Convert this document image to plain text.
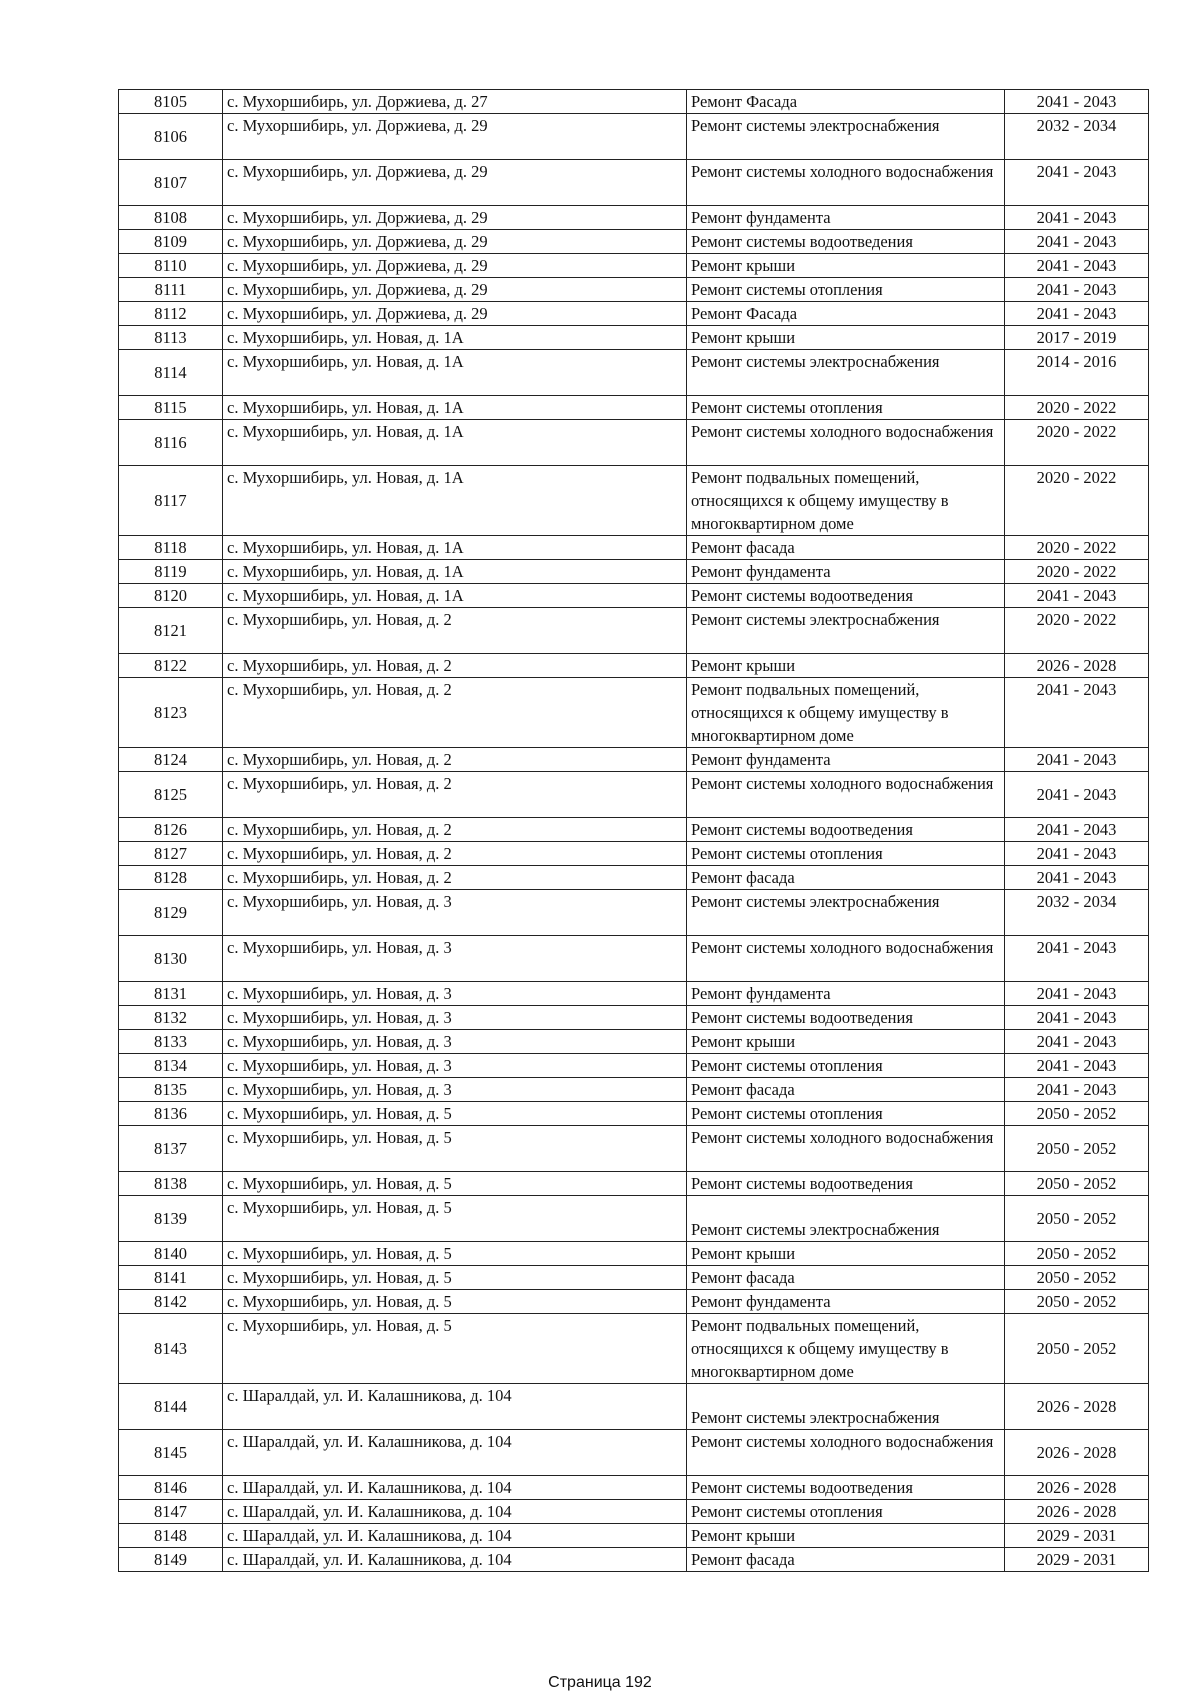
8105	с. Мухоршибирь, ул. Доржиева, д. 27	Ремонт Фасада	2041 - 2043
8106	с. Мухоршибирь, ул. Доржиева, д. 29	Ремонт системы электроснабжения	2032 - 2034
8107	с. Мухоршибирь, ул. Доржиева, д. 29	Ремонт системы холодного водоснабжения	2041 - 2043
8108	с. Мухоршибирь, ул. Доржиева, д. 29	Ремонт фундамента	2041 - 2043
8109	с. Мухоршибирь, ул. Доржиева, д. 29	Ремонт системы водоотведения	2041 - 2043
8110	с. Мухоршибирь, ул. Доржиева, д. 29	Ремонт крыши	2041 - 2043
8111	с. Мухоршибирь, ул. Доржиева, д. 29	Ремонт системы отопления	2041 - 2043
8112	с. Мухоршибирь, ул. Доржиева, д. 29	Ремонт Фасада	2041 - 2043
8113	с. Мухоршибирь, ул. Новая, д. 1А	Ремонт крыши	2017 - 2019
8114	с. Мухоршибирь, ул. Новая, д. 1А	Ремонт системы электроснабжения	2014 - 2016
8115	с. Мухоршибирь, ул. Новая, д. 1А	Ремонт системы отопления	2020 - 2022
8116	с. Мухоршибирь, ул. Новая, д. 1А	Ремонт системы холодного водоснабжения	2020 - 2022
8117	с. Мухоршибирь, ул. Новая, д. 1А	Ремонт подвальных помещений, относящихся к общему имуществу в многоквартирном доме	2020 - 2022
8118	с. Мухоршибирь, ул. Новая, д. 1А	Ремонт фасада	2020 - 2022
8119	с. Мухоршибирь, ул. Новая, д. 1А	Ремонт фундамента	2020 - 2022
8120	с. Мухоршибирь, ул. Новая, д. 1А	Ремонт системы водоотведения	2041 - 2043
8121	с. Мухоршибирь, ул. Новая, д. 2	Ремонт системы электроснабжения	2020 - 2022
8122	с. Мухоршибирь, ул. Новая, д. 2	Ремонт крыши	2026 - 2028
8123	с. Мухоршибирь, ул. Новая, д. 2	Ремонт подвальных помещений, относящихся к общему имуществу в многоквартирном доме	2041 - 2043
8124	с. Мухоршибирь, ул. Новая, д. 2	Ремонт фундамента	2041 - 2043
8125	с. Мухоршибирь, ул. Новая, д. 2	Ремонт системы холодного водоснабжения	2041 - 2043
8126	с. Мухоршибирь, ул. Новая, д. 2	Ремонт системы водоотведения	2041 - 2043
8127	с. Мухоршибирь, ул. Новая, д. 2	Ремонт системы отопления	2041 - 2043
8128	с. Мухоршибирь, ул. Новая, д. 2	Ремонт фасада	2041 - 2043
8129	с. Мухоршибирь, ул. Новая, д. 3	Ремонт системы электроснабжения	2032 - 2034
8130	с. Мухоршибирь, ул. Новая, д. 3	Ремонт системы холодного водоснабжения	2041 - 2043
8131	с. Мухоршибирь, ул. Новая, д. 3	Ремонт фундамента	2041 - 2043
8132	с. Мухоршибирь, ул. Новая, д. 3	Ремонт системы водоотведения	2041 - 2043
8133	с. Мухоршибирь, ул. Новая, д. 3	Ремонт крыши	2041 - 2043
8134	с. Мухоршибирь, ул. Новая, д. 3	Ремонт системы отопления	2041 - 2043
8135	с. Мухоршибирь, ул. Новая, д. 3	Ремонт фасада	2041 - 2043
8136	с. Мухоршибирь, ул. Новая, д. 5	Ремонт системы отопления	2050 - 2052
8137	с. Мухоршибирь, ул. Новая, д. 5	Ремонт системы холодного водоснабжения	2050 - 2052
8138	с. Мухоршибирь, ул. Новая, д. 5	Ремонт системы водоотведения	2050 - 2052
8139	с. Мухоршибирь, ул. Новая, д. 5	Ремонт системы электроснабжения	2050 - 2052
8140	с. Мухоршибирь, ул. Новая, д. 5	Ремонт крыши	2050 - 2052
8141	с. Мухоршибирь, ул. Новая, д. 5	Ремонт фасада	2050 - 2052
8142	с. Мухоршибирь, ул. Новая, д. 5	Ремонт фундамента	2050 - 2052
8143	с. Мухоршибирь, ул. Новая, д. 5	Ремонт подвальных помещений, относящихся к общему имуществу в многоквартирном доме	2050 - 2052
8144	с. Шаралдай, ул. И. Калашникова, д. 104	Ремонт системы электроснабжения	2026 - 2028
8145	с. Шаралдай, ул. И. Калашникова, д. 104	Ремонт системы холодного водоснабжения	2026 - 2028
8146	с. Шаралдай, ул. И. Калашникова, д. 104	Ремонт системы водоотведения	2026 - 2028
8147	с. Шаралдай, ул. И. Калашникова, д. 104	Ремонт системы отопления	2026 - 2028
8148	с. Шаралдай, ул. И. Калашникова, д. 104	Ремонт крыши	2029 - 2031
8149	с. Шаралдай, ул. И. Калашникова, д. 104	Ремонт фасада	2029 - 2031
Страница 192
